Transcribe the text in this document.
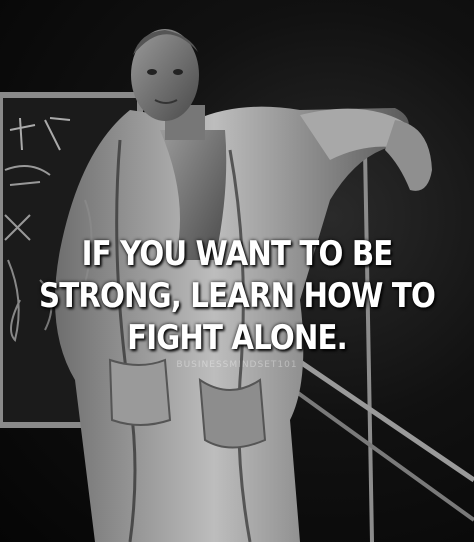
IF YOU WANT TO BE
STRONG, LEARN HOW TO
FIGHT ALONE.
BUSINESSMINDSET101
